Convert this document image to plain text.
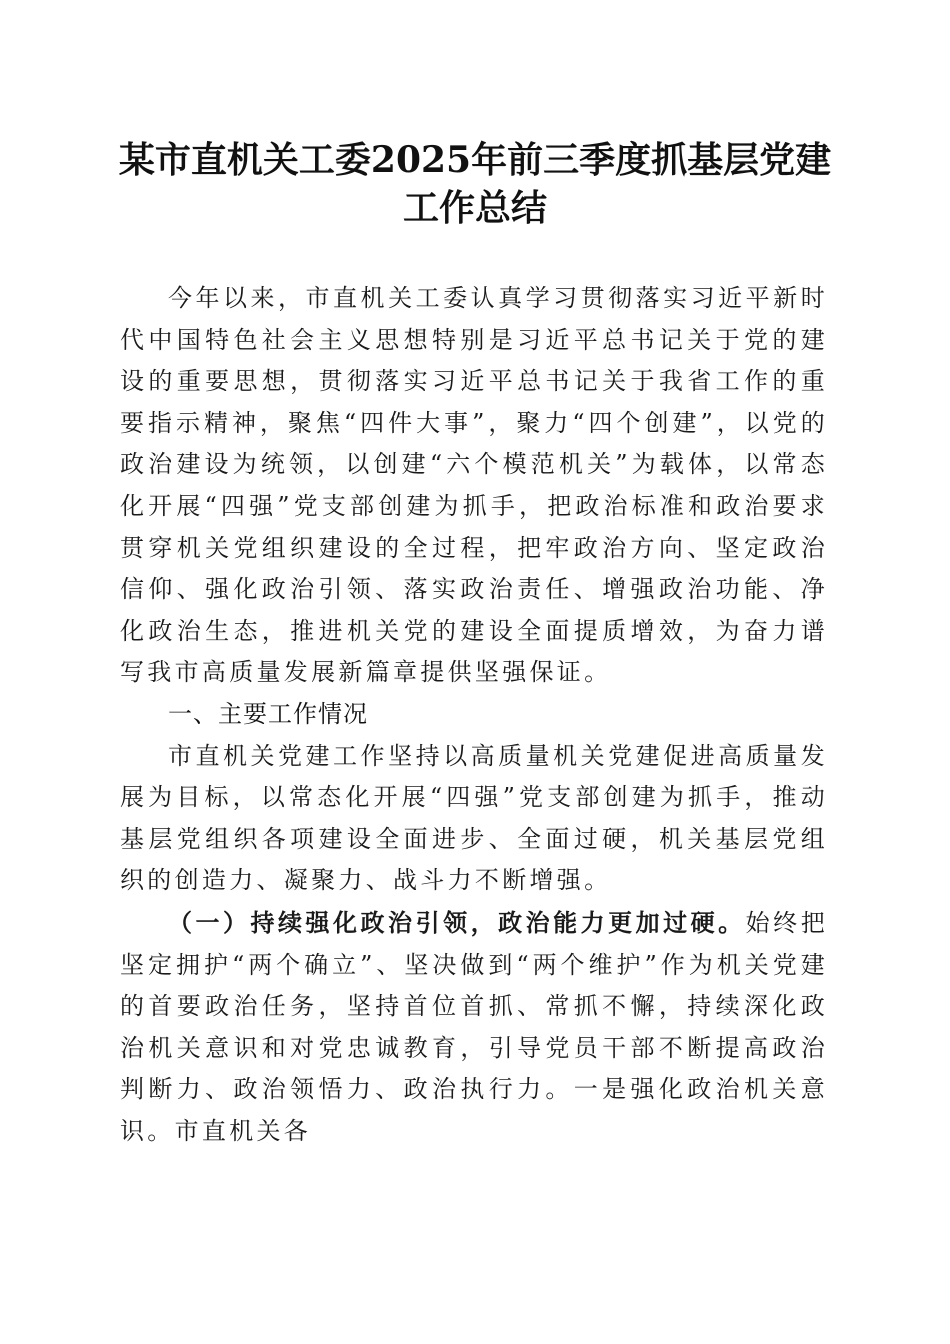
某市直机关工委2025年前三季度抓基层党建
工作总结

今年以来，市直机关工委认真学习贯彻落实习近平新时代中国特色社会主义思想特别是习近平总书记关于党的建设的重要思想，贯彻落实习近平总书记关于我省工作的重要指示精神，聚焦“四件大事”，聚力“四个创建”，以党的政治建设为统领，以创建“六个模范机关”为载体，以常态化开展“四强”党支部创建为抓手，把政治标准和政治要求贯穿机关党组织建设的全过程，把牢政治方向、坚定政治信仰、强化政治引领、落实政治责任、增强政治功能、净化政治生态，推进机关党的建设全面提质增效，为奋力谱写我市高质量发展新篇章提供坚强保证。

一、主要工作情况

市直机关党建工作坚持以高质量机关党建促进高质量发展为目标，以常态化开展“四强”党支部创建为抓手，推动基层党组织各项建设全面进步、全面过硬，机关基层党组织的创造力、凝聚力、战斗力不断增强。

（一）持续强化政治引领，政治能力更加过硬。始终把坚定拥护“两个确立”、坚决做到“两个维护”作为机关党建的首要政治任务，坚持首位首抓、常抓不懈，持续深化政治机关意识和对党忠诚教育，引导党员干部不断提高政治判断力、政治领悟力、政治执行力。一是强化政治机关意识。市直机关各
